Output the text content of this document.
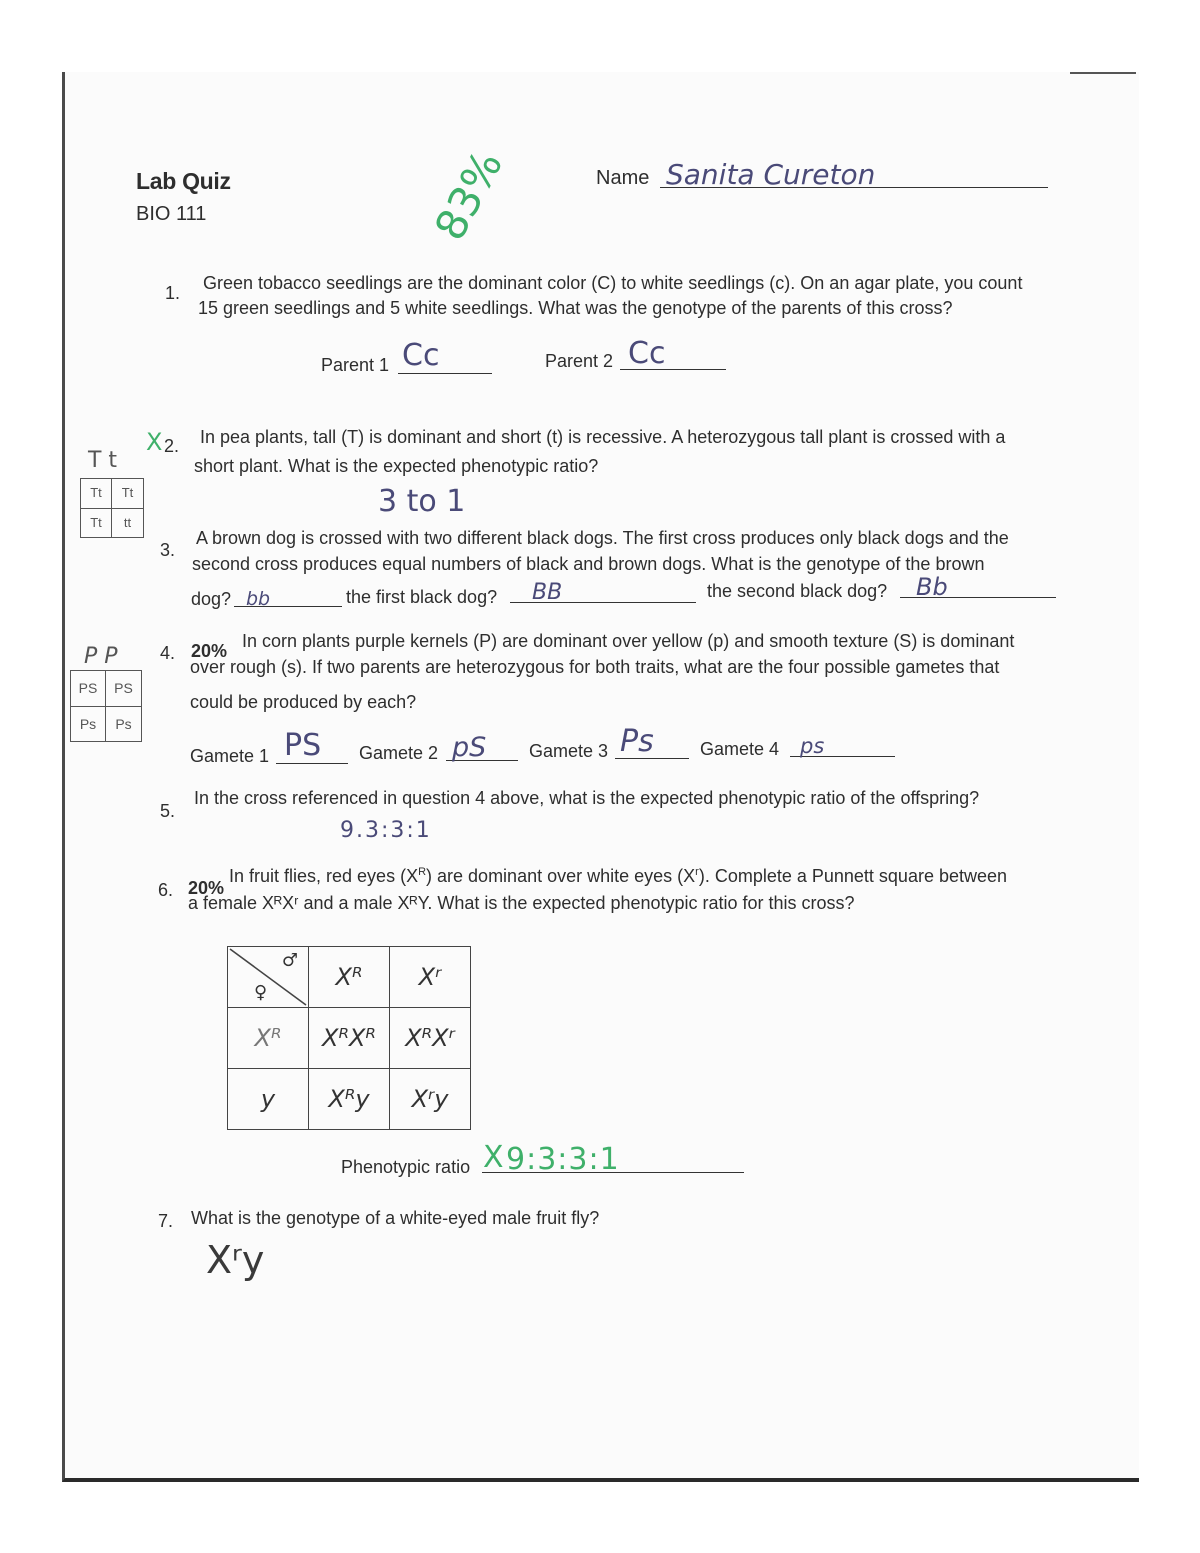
Lab Quiz
BIO 111	83%	Name Sanita Cureton
1. Green tobacco seedlings are the dominant color (C) to white seedlings (c). On an agar plate, you count
15 green seedlings and 5 white seedlings. What was the genotype of the parents of this cross?
Parent 1 Cc	Parent 2 Cc
X 2. In pea plants, tall (T) is dominant and short (t) is recessive. A heterozygous tall plant is crossed with a
short plant. What is the expected phenotypic ratio?
3 to 1
T t
Tt	Tt
Tt	tt
3.
A brown dog is crossed with two different black dogs. The first cross produces only black dogs and the
second cross produces equal numbers of black and brown dogs. What is the genotype of the brown
dog? bb	the first black dog? BB	the second black dog? Bb
4. 20% In corn plants purple kernels (P) are dominant over yellow (p) and smooth texture (S) is dominant
over rough (s). If two parents are heterozygous for both traits, what are the four possible gametes that
could be produced by each?
P P
PS	PS
Ps	Ps
Gamete 1 PS Gamete 2 pS Gamete 3 Ps	Gamete 4 ps
5.
In the cross referenced in question 4 above, what is the expected phenotypic ratio of the offspring?
9.3:3:1
6. 20%
In fruit flies, red eyes $(X^R)$ are dominant over white eyes $(X^r)$. Complete a Punnett square between
a female XᴿXʳ and a male XᴿY. What is the expected phenotypic ratio for this cross?
♂
♀	Xᴿ	Xʳ
Xᴿ	XᴿXᴿ	XᴿXʳ
y	Xᴿy	Xʳy
Phenotypic ratio X 9:3:3:1
7. What is the genotype of a white-eyed male fruit fly?
Xʳy
